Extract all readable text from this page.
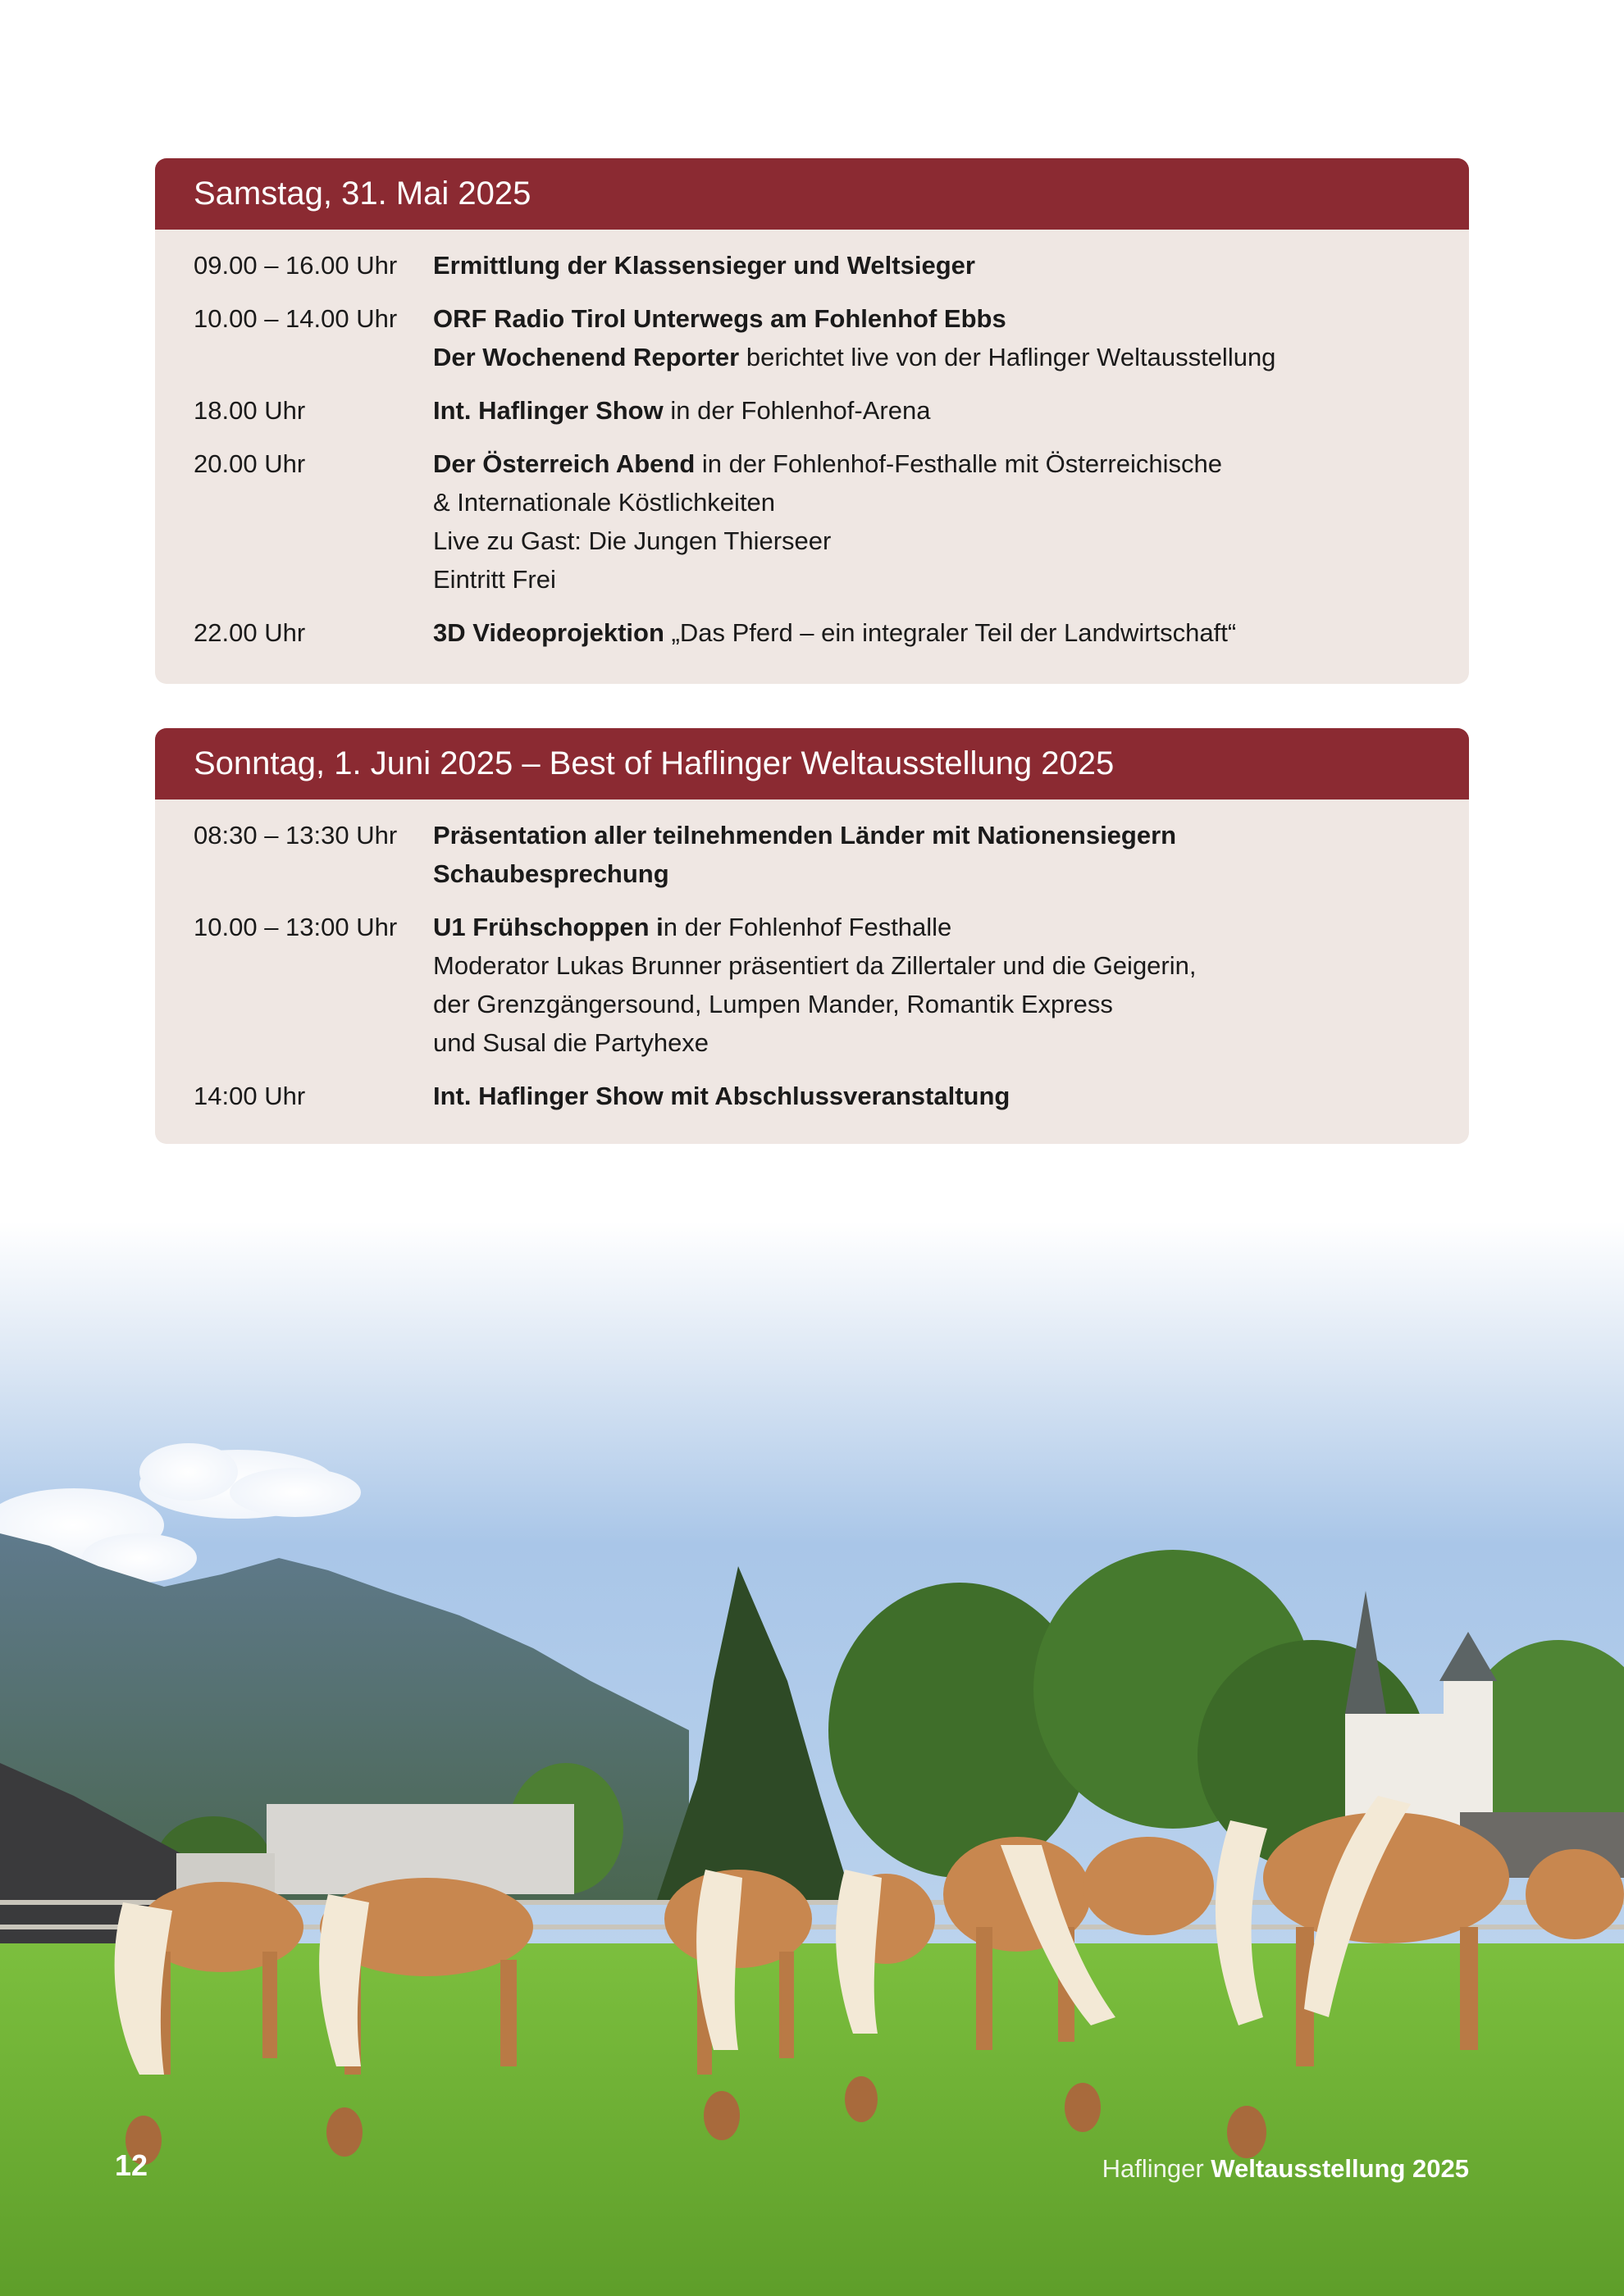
Samstag, 31. Mai 2025
09.00 – 16.00 Uhr	Ermittlung der Klassensieger und Weltsieger
10.00 – 14.00 Uhr	ORF Radio Tirol Unterwegs am Fohlenhof Ebbs
Der Wochenend Reporter berichtet live von der Haflinger Weltausstellung
18.00 Uhr	Int. Haflinger Show in der Fohlenhof-Arena
20.00 Uhr	Der Österreich Abend in der Fohlenhof-Festhalle mit Österreichische
& Internationale Köstlichkeiten
Live zu Gast: Die Jungen Thierseer
Eintritt Frei
22.00 Uhr	3D Videoprojektion „Das Pferd – ein integraler Teil der Landwirtschaft“
Sonntag, 1. Juni 2025 – Best of Haflinger Weltausstellung 2025
08:30 – 13:30 Uhr	Präsentation aller teilnehmenden Länder mit Nationensiegern
Schaubesprechung
10.00 – 13:00 Uhr	U1 Frühschoppen in der Fohlenhof Festhalle
Moderator Lukas Brunner präsentiert da Zillertaler und die Geigerin,
der Grenzgängersound, Lumpen Mander, Romantik Express
und Susal die Partyhexe
14:00 Uhr	Int. Haflinger Show mit Abschlussveranstaltung
12	Haflinger Weltausstellung 2025
